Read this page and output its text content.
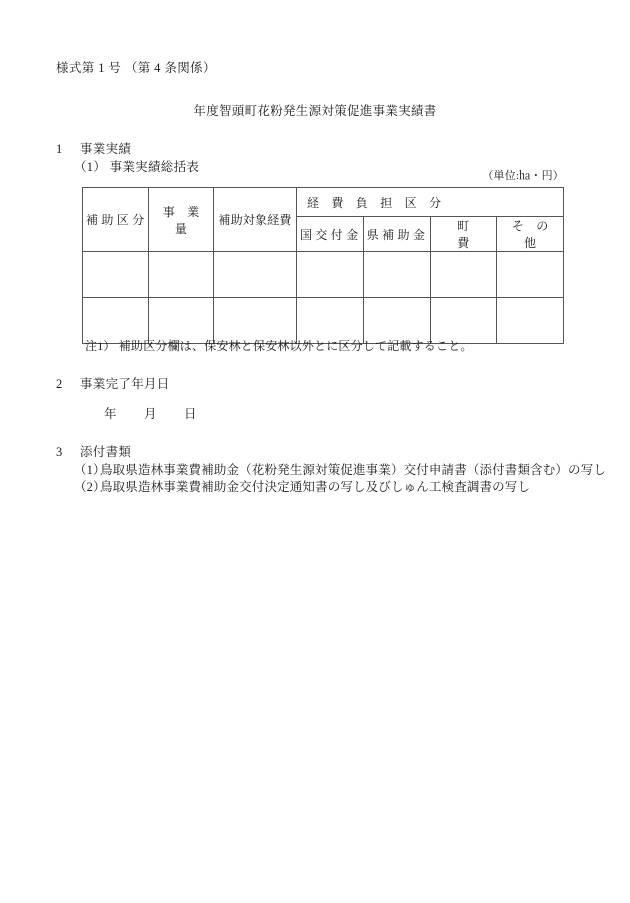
様式第 1 号 （第 4 条関係）
年度智頭町花粉発生源対策促進事業実績書
1 事業実績
（1） 事業実績総括表
（単位:㏊・円）
補 助 区 分	事　業　量	補助対象経費	経　費　負　担　区　分			

国 交 付 金	県 補 助 金	町　　　費	そ　の　他

注1） 補助区分欄は、保安林と保安林以外とに区分して記載すること。
2 事業完了年月日
年 月 日
3 添付書類
（1）鳥取県造林事業費補助金（花粉発生源対策促進事業）交付申請書（添付書類含む）の写し
（2）鳥取県造林事業費補助金交付決定通知書の写し及びしゅん工検査調書の写し
